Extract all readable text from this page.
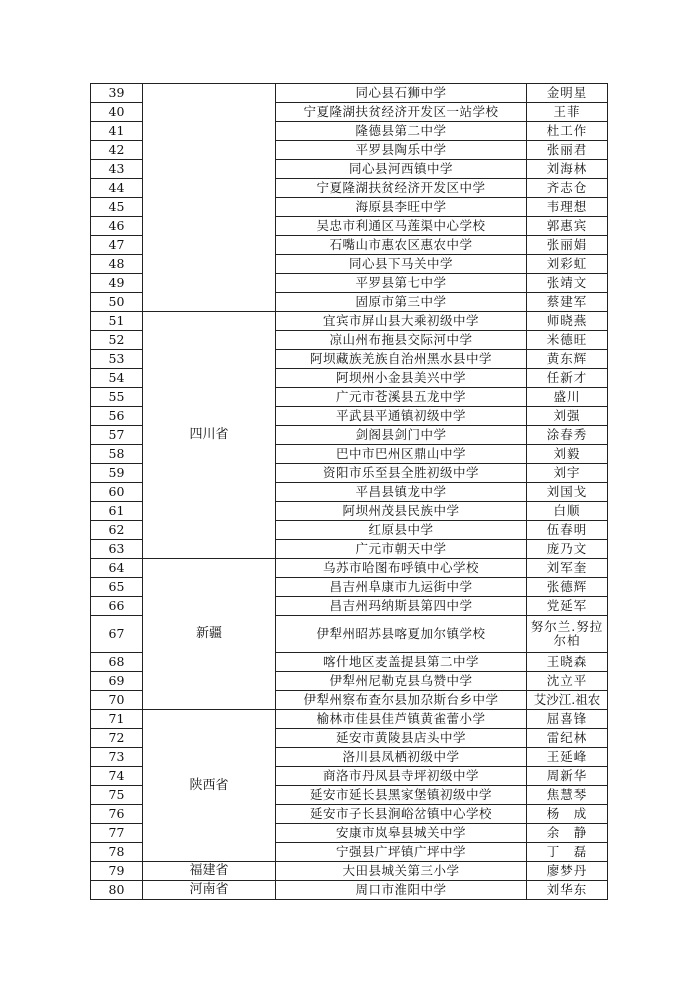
39		同心县石狮中学	金明星
40		宁夏隆湖扶贫经济开发区一站学校	王菲
41		隆德县第二中学	杜工作
42		平罗县陶乐中学	张丽君
43		同心县河西镇中学	刘海林
44		宁夏隆湖扶贫经济开发区中学	齐志仓
45		海原县李旺中学	韦理想
46		吴忠市利通区马莲渠中心学校	郭惠宾
47		石嘴山市惠农区惠农中学	张丽娟
48		同心县下马关中学	刘彩虹
49		平罗县第七中学	张靖文
50		固原市第三中学	蔡建军
51	四川省	宜宾市屏山县大乘初级中学	师晓燕
52		凉山州布拖县交际河中学	米德旺
53		阿坝藏族羌族自治州黑水县中学	黄东辉
54		阿坝州小金县美兴中学	任新才
55		广元市苍溪县五龙中学	盛川
56		平武县平通镇初级中学	刘强
57		剑阁县剑门中学	涂春秀
58		巴中市巴州区鼎山中学	刘毅
59		资阳市乐至县全胜初级中学	刘宇
60		平昌县镇龙中学	刘国戈
61		阿坝州茂县民族中学	白顺
62		红原县中学	伍春明
63		广元市朝天中学	庞乃文
64	新疆	乌苏市哈图布呼镇中心学校	刘军奎
65		昌吉州阜康市九运街中学	张德辉
66		昌吉州玛纳斯县第四中学	党延军
67		伊犁州昭苏县喀夏加尔镇学校	努尔兰.努拉尔柏
68		喀什地区麦盖提县第二中学	王晓森
69		伊犁州尼勒克县乌赞中学	沈立平
70		伊犁州察布查尔县加尕斯台乡中学	艾沙江.祖农
71	陕西省	榆林市佳县佳芦镇黄雀蕾小学	屈喜锋
72		延安市黄陵县店头中学	雷纪林
73		洛川县凤栖初级中学	王延峰
74		商洛市丹凤县寺坪初级中学	周新华
75		延安市延长县黑家堡镇初级中学	焦慧琴
76		延安市子长县涧峪岔镇中心学校	杨　成
77		安康市岚皋县城关中学	余　静
78		宁强县广坪镇广坪中学	丁　磊
79	福建省	大田县城关第三小学	廖梦丹
80	河南省	周口市淮阳中学	刘华东
